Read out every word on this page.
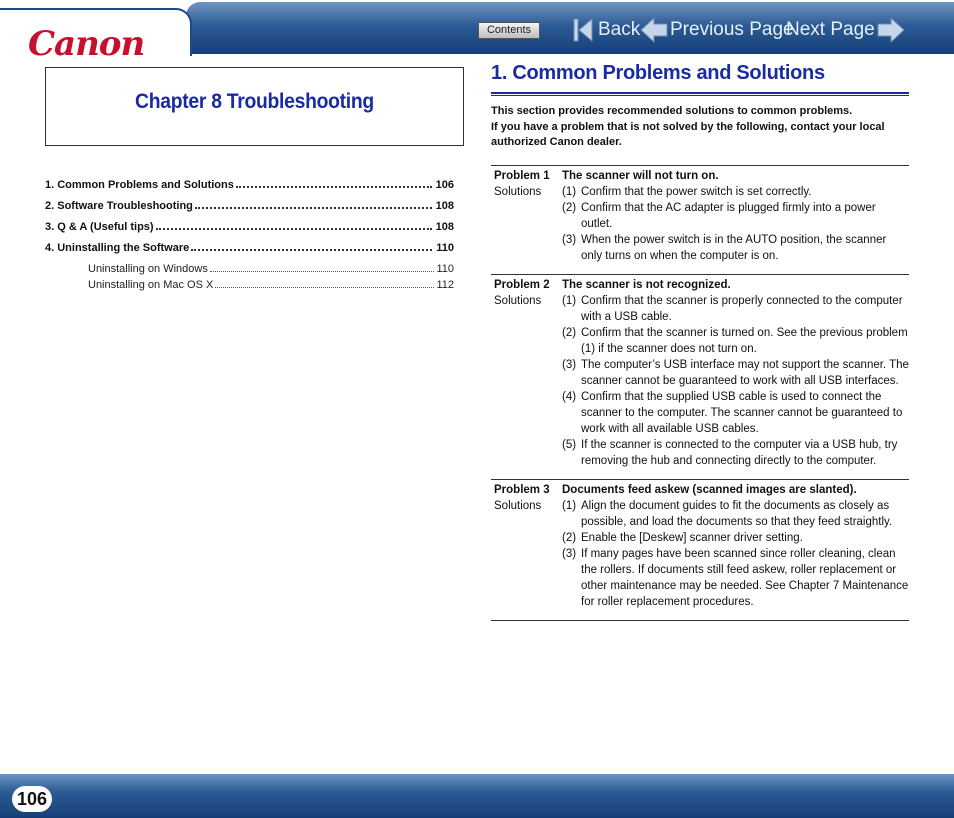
Canon	Contents	Back Previous Page
Next Page
Chapter 8 Troubleshooting
1. Common Problems and Solutions	106
2. Software Troubleshooting	108
3. Q & A (Useful tips)	108
4. Uninstalling the Software	110
Uninstalling on Windows	110
Uninstalling on Mac OS X	112
1. Common Problems and Solutions
This section provides recommended solutions to common problems.
If you have a problem that is not solved by the following, contact your local authorized Canon dealer.
Problem 1	The scanner will not turn on.
Solutions	(1) Confirm that the power switch is set correctly.
(2) Confirm that the AC adapter is plugged firmly into a power outlet.
(3) When the power switch is in the AUTO position, the scanner only turns on when the computer is on.
Problem 2	The scanner is not recognized.
Solutions	(1) Confirm that the scanner is properly connected to the computer with a USB cable.
(2) Confirm that the scanner is turned on. See the previous problem (1) if the scanner does not turn on.
(3) The computer’s USB interface may not support the scanner. The scanner cannot be guaranteed to work with all USB interfaces.
(4) Confirm that the supplied USB cable is used to connect the scanner to the computer. The scanner cannot be guaranteed to work with all available USB cables.
(5) If the scanner is connected to the computer via a USB hub, try removing the hub and connecting directly to the computer.
Problem 3	Documents feed askew (scanned images are slanted).
Solutions	(1) Align the document guides to fit the documents as closely as possible, and load the documents so that they feed straightly.
(2) Enable the [Deskew] scanner driver setting.
(3) If many pages have been scanned since roller cleaning, clean the rollers. If documents still feed askew, roller replacement or other maintenance may be needed. See Chapter 7 Maintenance for roller replacement procedures.
106
